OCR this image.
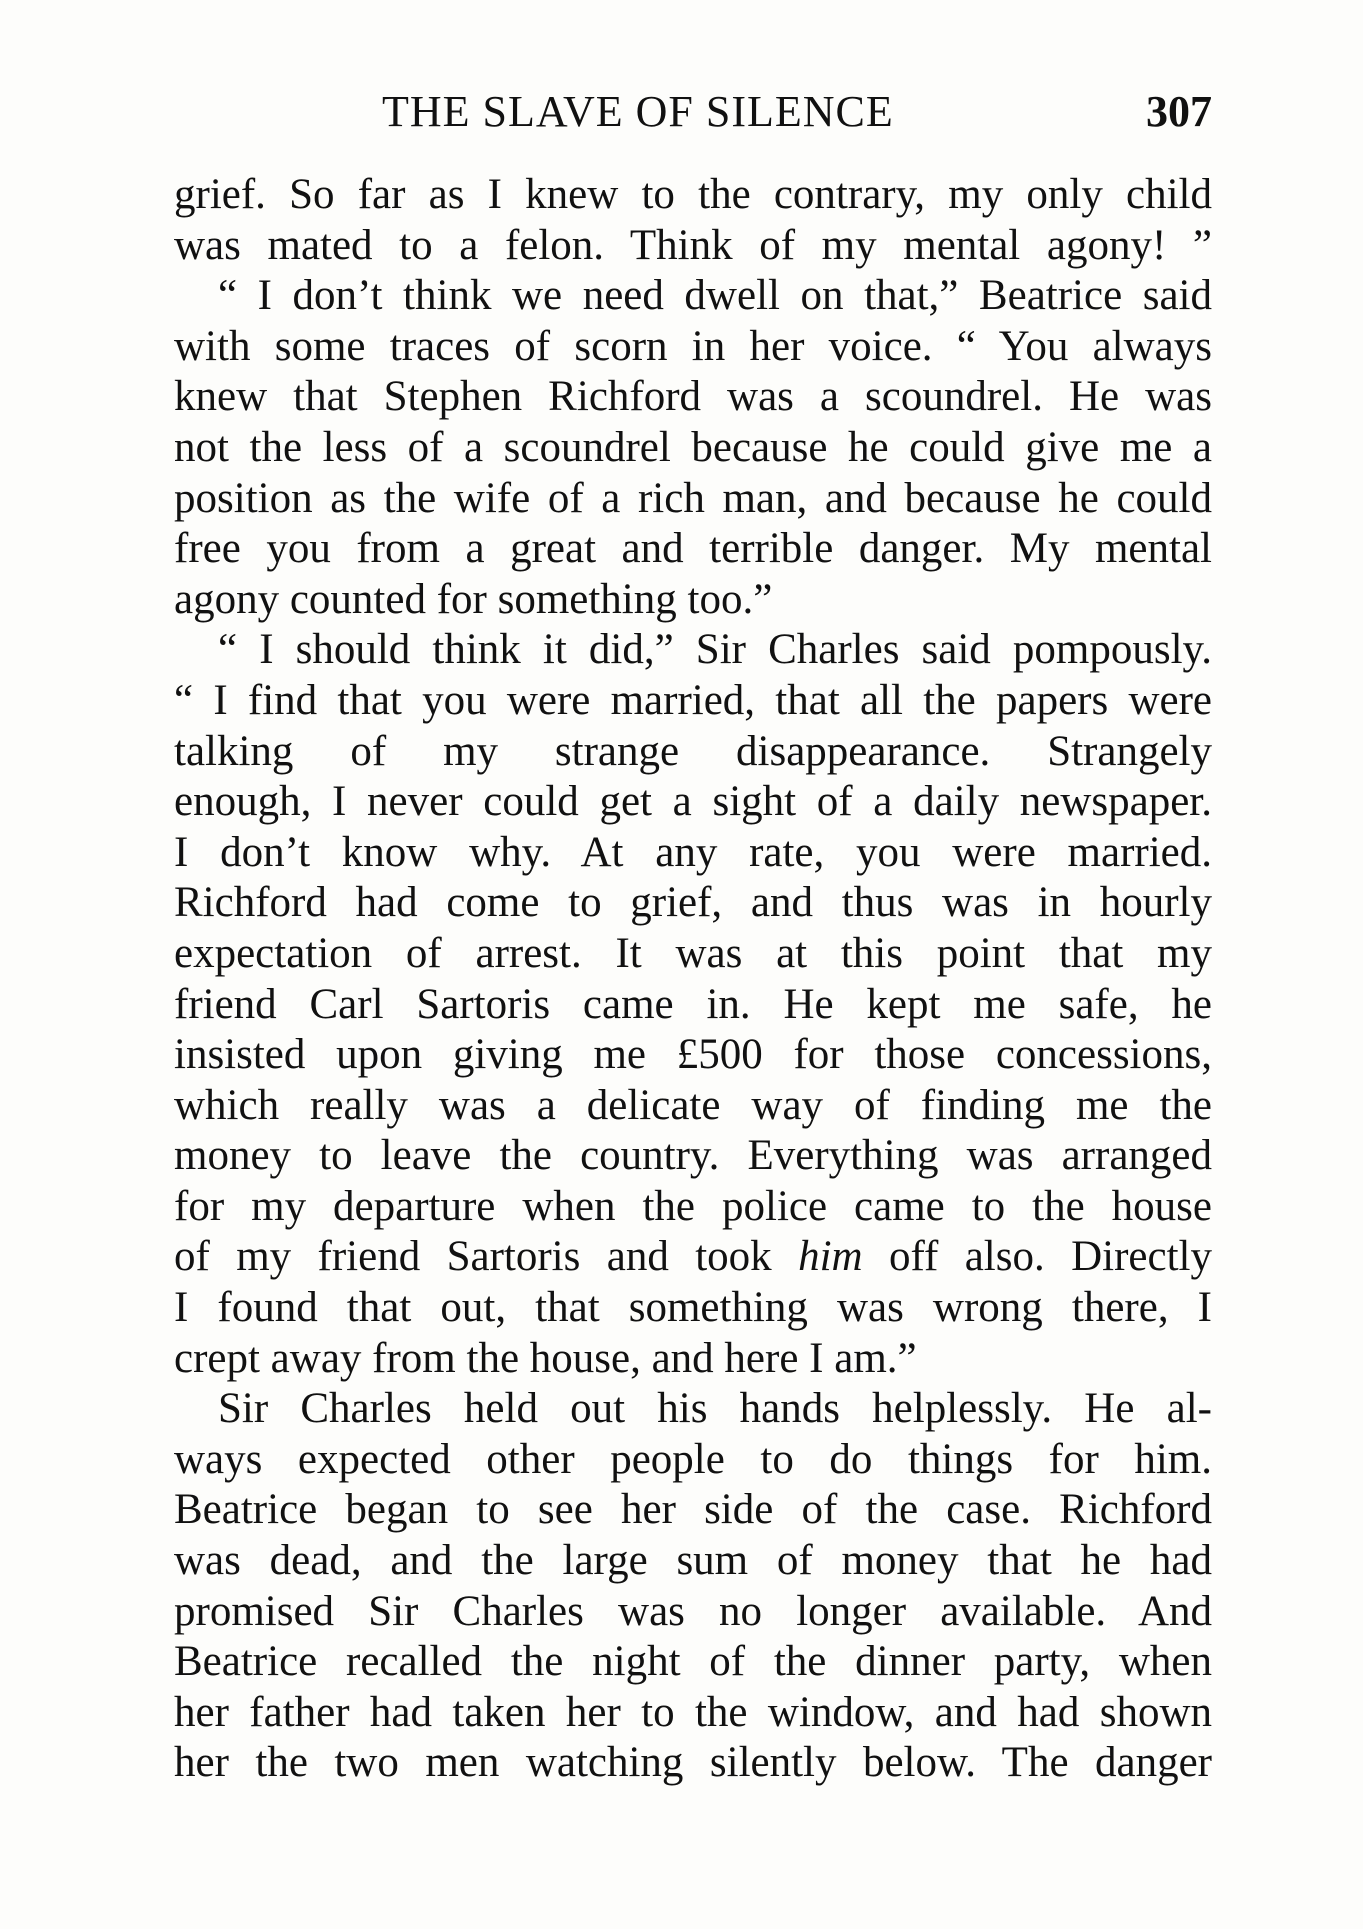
THE SLAVE OF SILENCE	307
grief. So far as I knew to the contrary, my only child
was mated to a felon. Think of my mental agony! ”
“ I don’t think we need dwell on that,” Beatrice said
with some traces of scorn in her voice. “ You always
knew that Stephen Richford was a scoundrel. He was
not the less of a scoundrel because he could give me a
position as the wife of a rich man, and because he could
free you from a great and terrible danger. My mental
agony counted for something too.”
“ I should think it did,” Sir Charles said pompously.
“ I find that you were married, that all the papers were
talking of my strange disappearance. Strangely
enough, I never could get a sight of a daily newspaper.
I don’t know why. At any rate, you were married.
Richford had come to grief, and thus was in hourly
expectation of arrest. It was at this point that my
friend Carl Sartoris came in. He kept me safe, he
insisted upon giving me £500 for those concessions,
which really was a delicate way of finding me the
money to leave the country. Everything was arranged
for my departure when the police came to the house
of my friend Sartoris and took him off also. Directly
I found that out, that something was wrong there, I
crept away from the house, and here I am.”
Sir Charles held out his hands helplessly. He al-
ways expected other people to do things for him.
Beatrice began to see her side of the case. Richford
was dead, and the large sum of money that he had
promised Sir Charles was no longer available. And
Beatrice recalled the night of the dinner party, when
her father had taken her to the window, and had shown
her the two men watching silently below. The danger
